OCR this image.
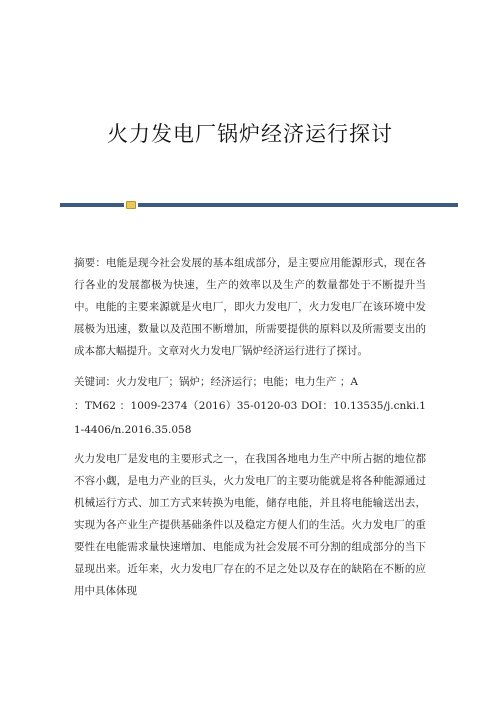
火力发电厂锅炉经济运行探讨

摘要：电能是现今社会发展的基本组成部分，是主要应用能源形式，现在各行各业的发展都极为快速，生产的效率以及生产的数量都处于不断提升当中。电能的主要来源就是火电厂，即火力发电厂，火力发电厂在该环境中发展极为迅速，数量以及范围不断增加，所需要提供的原料以及所需要支出的成本都大幅提升。文章对火力发电厂锅炉经济运行进行了探讨。

关键词：火力发电厂；锅炉；经济运行；电能；电力生产 ；A

：TM62 ：1009-2374（2016）35-0120-03 DOI：10.13535/j.cnki.11-4406/n.2016.35.058

火力发电厂是发电的主要形式之一，在我国各地电力生产中所占据的地位都不容小觑，是电力产业的巨头，火力发电厂的主要功能就是将各种能源通过机械运行方式、加工方式来转换为电能，储存电能，并且将电能输送出去，实现为各产业生产提供基础条件以及稳定方便人们的生活。火力发电厂的重要性在电能需求量快速增加、电能成为社会发展不可分割的组成部分的当下显现出来。近年来，火力发电厂存在的不足之处以及存在的缺陷在不断的应用中具体体现
